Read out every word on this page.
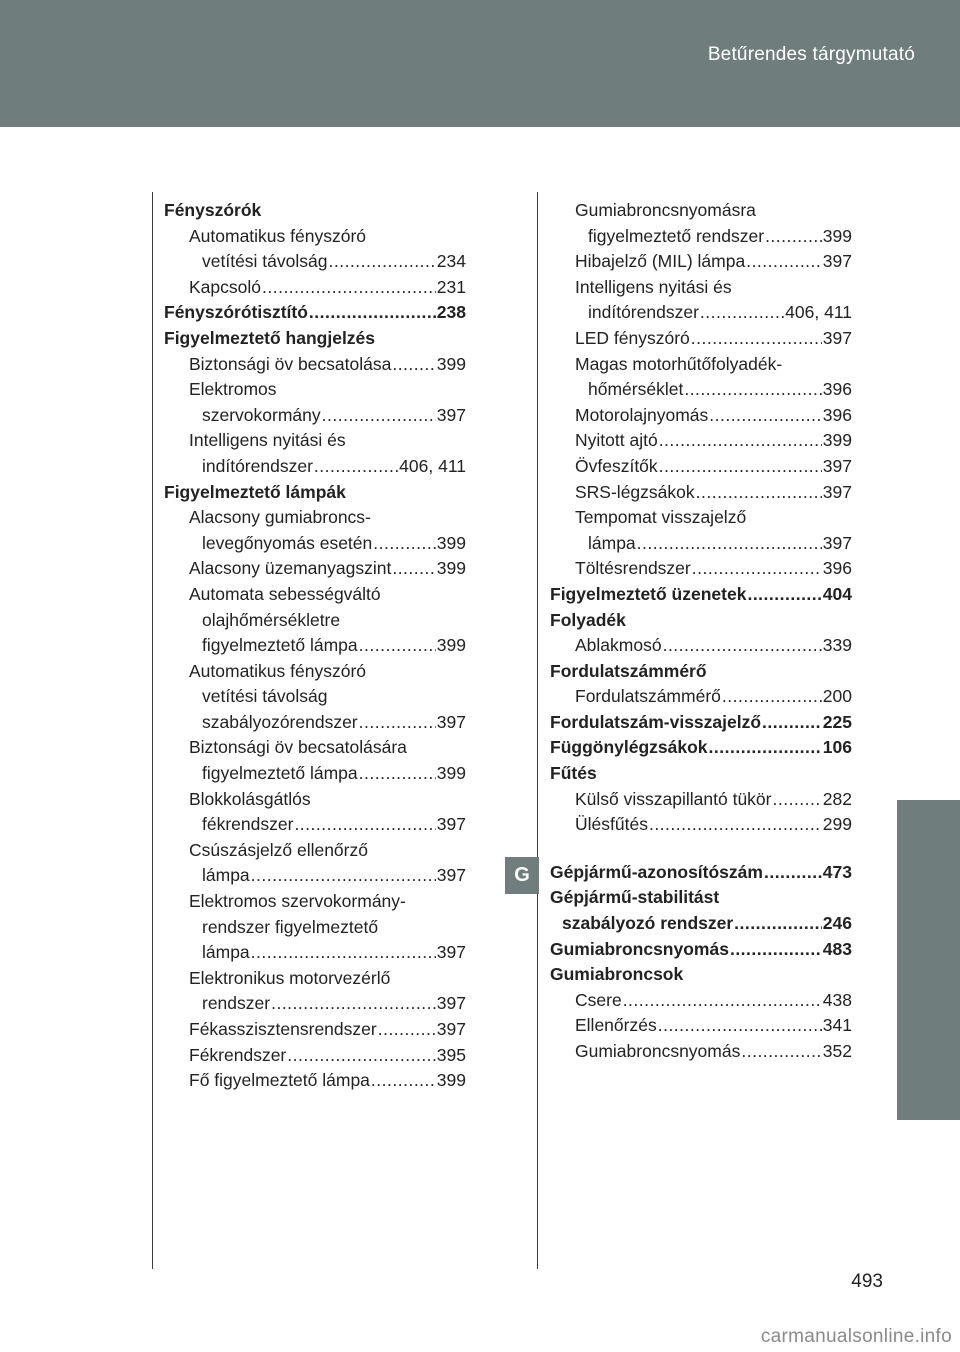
Betűrendes tárgymutató
Fényszórók
Automatikus fényszóró
vetítési távolság .....	234
Kapcsoló .....	231
Fényszórótisztító .....	238
Figyelmeztető hangjelzés
Biztonsági öv becsatolása .....	399
Elektromos
szervokormány .....	397
Intelligens nyitási és
indítórendszer .....	406, 411
Figyelmeztető lámpák
Alacsony gumiabroncs-
levegőnyomás esetén .....	399
Alacsony üzemanyagszint .....	399
Automata sebességváltó
olajhőmérsékletre
figyelmeztető lámpa .....	399
Automatikus fényszóró
vetítési távolság
szabályozórendszer .....	397
Biztonsági öv becsatolására
figyelmeztető lámpa .....	399
Blokkolásgátlós
fékrendszer .....	397
Csúszásjelző ellenőrző
lámpa .....	397
Elektromos szervokormány-
rendszer figyelmeztető
lámpa .....	397
Elektronikus motorvezérlő
rendszer .....	397
Fékasszisztensrendszer .....	397
Fékrendszer .....	395
Fő figyelmeztető lámpa .....	399
Gumiabroncsnyomásra
figyelmeztető rendszer .....	399
Hibajelző (MIL) lámpa .....	397
Intelligens nyitási és
indítórendszer .....	406, 411
LED fényszóró .....	397
Magas motorhűtőfolyadék-
hőmérséklet .....	396
Motorolajnyomás .....	396
Nyitott ajtó .....	399
Övfeszítők .....	397
SRS-légzsákok .....	397
Tempomat visszajelző
lámpa .....	397
Töltésrendszer .....	396
Figyelmeztető üzenetek .....	404
Folyadék
Ablakmosó .....	339
Fordulatszámmérő
Fordulatszámmérő .....	200
Fordulatszám-visszajelző .....	225
Függönylégzsákok .....	106
Fűtés
Külső visszapillantó tükör .....	282
Ülésfűtés .....	299
Gépjármű-azonosítószám .....	473
Gépjármű-stabilitást
szabályozó rendszer .....	246
Gumiabroncsnyomás .....	483
Gumiabroncsok
Csere .....	438
Ellenőrzés .....	341
Gumiabroncsnyomás .....	352
G
493
carmanualsonline.info
